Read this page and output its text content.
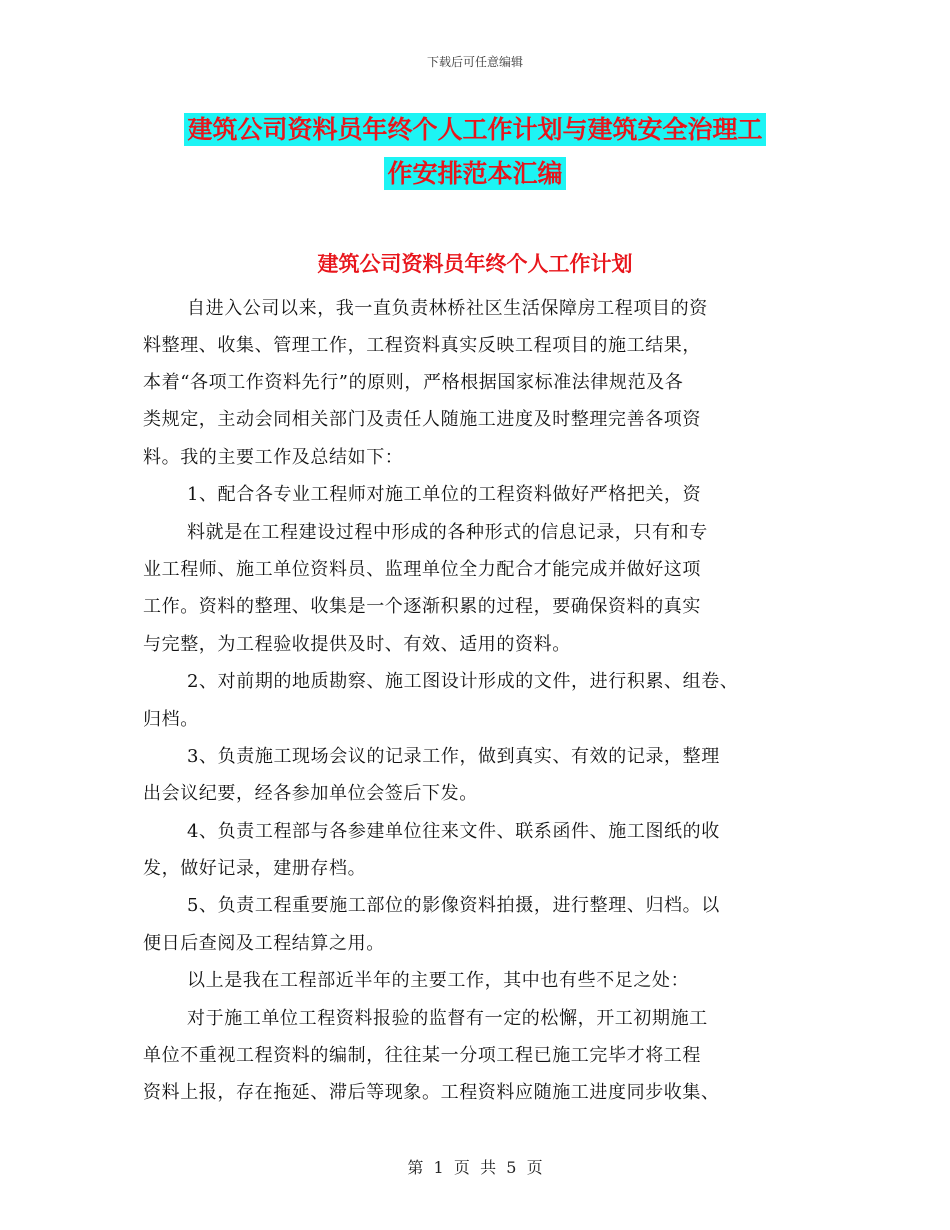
下载后可任意编辑
建筑公司资料员年终个人工作计划与建筑安全治理工
作安排范本汇编
建筑公司资料员年终个人工作计划
自进入公司以来，我一直负责林桥社区生活保障房工程项目的资
料整理、收集、管理工作，工程资料真实反映工程项目的施工结果，
本着“各项工作资料先行”的原则，严格根据国家标准法律规范及各
类规定，主动会同相关部门及责任人随施工进度及时整理完善各项资
料。我的主要工作及总结如下：
1、配合各专业工程师对施工单位的工程资料做好严格把关，资
料就是在工程建设过程中形成的各种形式的信息记录，只有和专
业工程师、施工单位资料员、监理单位全力配合才能完成并做好这项
工作。资料的整理、收集是一个逐渐积累的过程，要确保资料的真实
与完整，为工程验收提供及时、有效、适用的资料。
2、对前期的地质勘察、施工图设计形成的文件，进行积累、组卷、
归档。
3、负责施工现场会议的记录工作，做到真实、有效的记录，整理
出会议纪要，经各参加单位会签后下发。
4、负责工程部与各参建单位往来文件、联系函件、施工图纸的收
发，做好记录，建册存档。
5、负责工程重要施工部位的影像资料拍摄，进行整理、归档。以
便日后查阅及工程结算之用。
以上是我在工程部近半年的主要工作，其中也有些不足之处：
对于施工单位工程资料报验的监督有一定的松懈，开工初期施工
单位不重视工程资料的编制，往往某一分项工程已施工完毕才将工程
资料上报，存在拖延、滞后等现象。工程资料应随施工进度同步收集、
第  1  页  共  5  页
